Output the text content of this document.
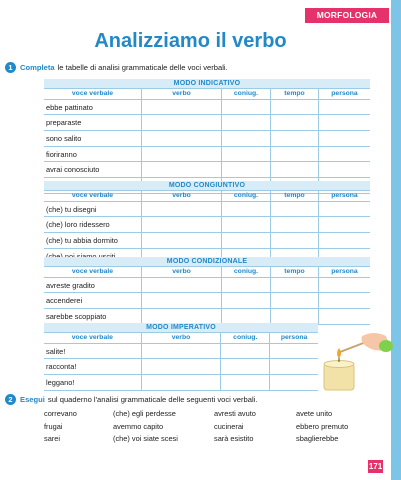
MORFOLOGIA
Analizziamo il verbo
1 Completa le tabelle di analisi grammaticale delle voci verbali.
MODO INDICATIVO
voce verbale	verbo	coniug.	tempo	persona
ebbe pattinato
preparaste
sono salito
fioriranno
avrai conosciuto
MODO CONGIUNTIVO
voce verbale	verbo	coniug.	tempo	persona
(che) tu disegni
(che) loro ridessero
(che) tu abbia dormito
MODO CONDIZIONALE
voce verbale	verbo	coniug.	tempo	persona
avreste gradito
accenderei
sarebbe scoppiato
MODO IMPERATIVO
voce verbale	verbo	coniug.	persona
salite!
racconta!
leggano!
2 Esegui sul quaderno l'analisi grammaticale delle seguenti voci verbali.
correvano	(che) egli perdesse	avresti avuto	avete unito
frugai	avemmo capito	cucinerai	ebbero premuto
sarei	(che) voi siate scesi	sarà esistito	sbaglierebbe
171
